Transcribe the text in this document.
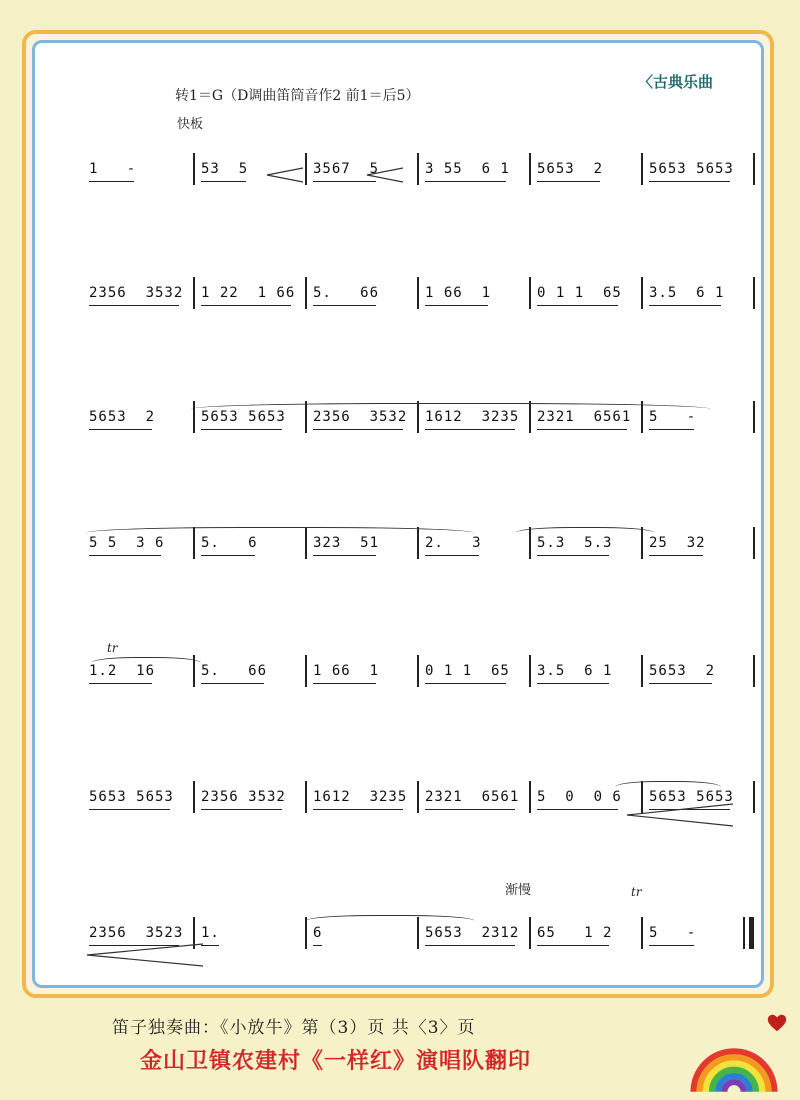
〈古典乐曲
转1＝G（D调曲笛筒音作2 前1＝后5）
快板
1   -	53  5	3567  5	3 55  6 1	5653  2	5653 5653
2356  3532	1 22  1 66	5.   66	1 66  1	0 1 1  65	3.5  6 1
5653  2	5653 5653	2356  3532	1612  3235	2321  6561	5   -
5 5  3 6	5.   6	323  51	2.   3	5.3  5.3	25  32
1.2  16	5.   66	1 66  1	0 1 1  65	3.5  6 1	5653  2
5653 5653	2356 3532	1612  3235	2321  6561	5  0  0 6	5653 5653
2356  3523	1.	6	5653  2312	65   1 2	5   -
tr
tr
渐慢
笛子独奏曲：《小放牛》第（3）页 共〈3〉页
金山卫镇农建村《一样红》演唱队翻印
